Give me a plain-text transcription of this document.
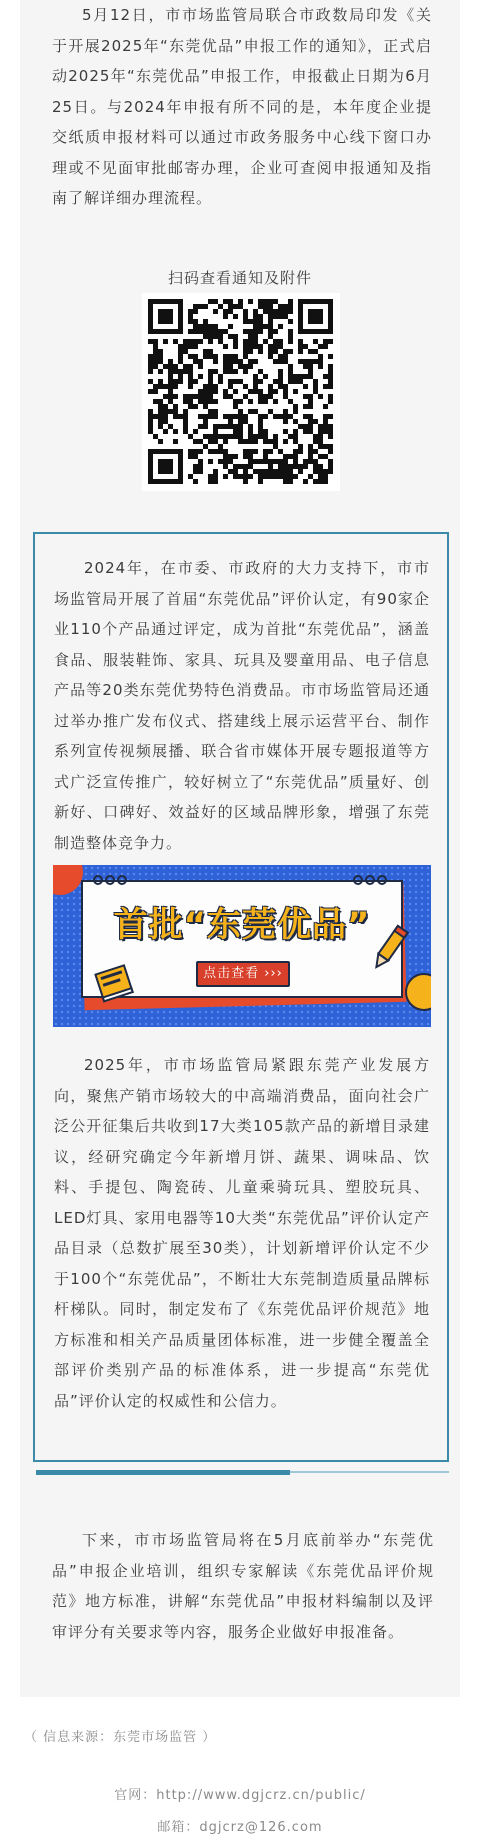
5月12日，市市场监管局联合市政数局印发《关于开展2025年“东莞优品”申报工作的通知》，正式启动2025年“东莞优品”申报工作，申报截止日期为6月25日。与2024年申报有所不同的是，本年度企业提交纸质申报材料可以通过市政务服务中心线下窗口办理或不见面审批邮寄办理，企业可查阅申报通知及指南了解详细办理流程。

扫码查看通知及附件

2024年，在市委、市政府的大力支持下，市市场监管局开展了首届“东莞优品”评价认定，有90家企业110个产品通过评定，成为首批“东莞优品”，涵盖食品、服装鞋饰、家具、玩具及婴童用品、电子信息产品等20类东莞优势特色消费品。市市场监管局还通过举办推广发布仪式、搭建线上展示运营平台、制作系列宣传视频展播、联合省市媒体开展专题报道等方式广泛宣传推广，较好树立了“东莞优品”质量好、创新好、口碑好、效益好的区域品牌形象，增强了东莞制造整体竞争力。

首批“东莞优品”
点击查看 ›››

2025年，市市场监管局紧跟东莞产业发展方向，聚焦产销市场较大的中高端消费品，面向社会广泛公开征集后共收到17大类105款产品的新增目录建议，经研究确定今年新增月饼、蔬果、调味品、饮料、手提包、陶瓷砖、儿童乘骑玩具、塑胶玩具、LED灯具、家用电器等10大类“东莞优品”评价认定产品目录（总数扩展至30类），计划新增评价认定不少于100个“东莞优品”，不断壮大东莞制造质量品牌标杆梯队。同时，制定发布了《东莞优品评价规范》地方标准和相关产品质量团体标准，进一步健全覆盖全部评价类别产品的标准体系，进一步提高“东莞优品”评价认定的权威性和公信力。

下来，市市场监管局将在5月底前举办“东莞优品”申报企业培训，组织专家解读《东莞优品评价规范》地方标准，讲解“东莞优品”申报材料编制以及评审评分有关要求等内容，服务企业做好申报准备。

（ 信息来源：东莞市场监管 ）
官网：http://www.dgjcrz.cn/public/
邮箱：dgjcrz@126.com
